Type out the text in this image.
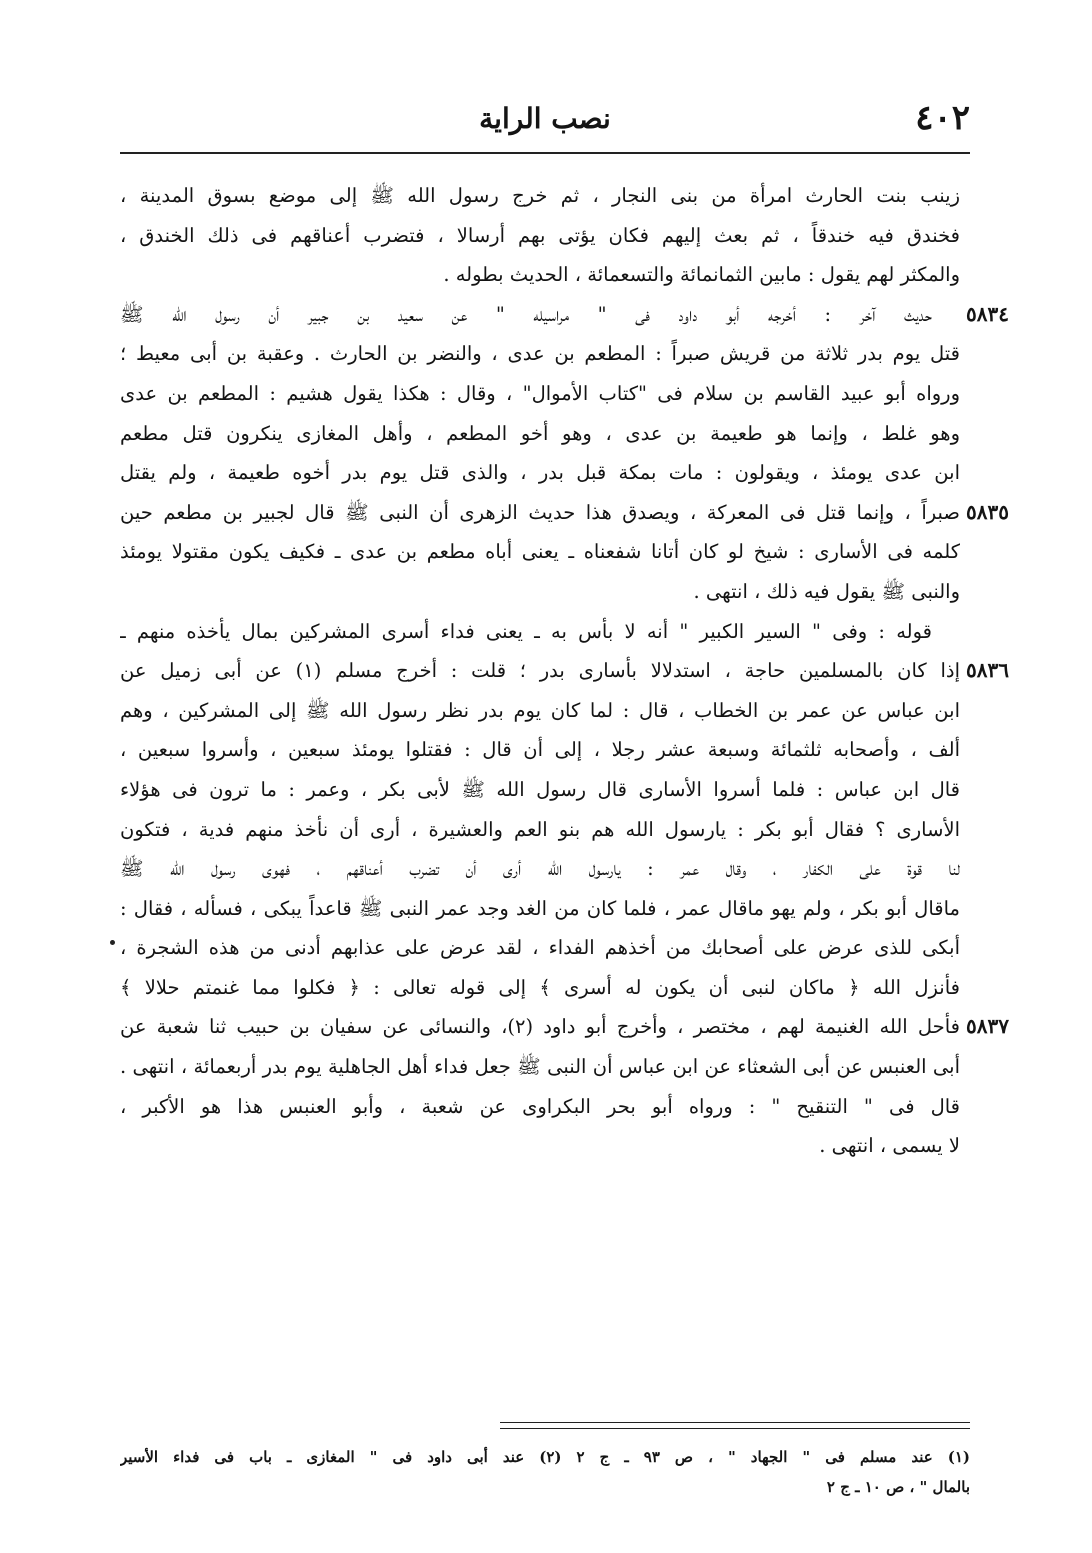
٤٠٢
نصب الراية
زينب بنت الحارث امرأة من بنى النجار ، ثم خرج رسول الله ﷺ إلى موضع بسوق المدينة ،
فخندق فيه خندقاً ، ثم بعث إليهم فكان يؤتى بهم أرسالا ، فتضرب أعناقهم فى ذلك الخندق ،
والمكثر لهم يقول : مابين الثمانمائة والتسعمائة ، الحديث بطوله .
٥٨٣٤
حديث آخر : أخرجه أبو داود فى " مراسيله " عن سعيد بن جبير أن رسول الله ﷺ
قتل يوم بدر ثلاثة من قريش صبراً : المطعم بن عدى ، والنضر بن الحارث . وعقبة بن أبى معيط ؛
ورواه أبو عبيد القاسم بن سلام فى "كتاب الأموال" ، وقال : هكذا يقول هشيم : المطعم بن عدى
وهو غلط ، وإنما هو طعيمة بن عدى ، وهو أخو المطعم ، وأهل المغازى ينكرون قتل مطعم
ابن عدى يومئذ ، ويقولون : مات بمكة قبل بدر ، والذى قتل يوم بدر أخوه طعيمة ، ولم يقتل
٥٨٣٥
صبراً ، وإنما قتل فى المعركة ، ويصدق هذا حديث الزهرى أن النبى ﷺ قال لجبير بن مطعم حين
كلمه فى الأسارى : شيخ لو كان أتانا شفعناه ـ يعنى أباه مطعم بن عدى ـ فكيف يكون مقتولا يومئذ
والنبى ﷺ يقول فيه ذلك ، انتهى .
قوله : وفى " السير الكبير " أنه لا بأس به ـ يعنى فداء أسرى المشركين بمال يأخذه منهم ـ
٥٨٣٦
إذا كان بالمسلمين حاجة ، استدلالا بأسارى بدر ؛ قلت : أخرج مسلم (١) عن أبى زميل عن
ابن عباس عن عمر بن الخطاب ، قال : لما كان يوم بدر نظر رسول الله ﷺ إلى المشركين ، وهم
ألف ، وأصحابه ثلثمائة وسبعة عشر رجلا ، إلى أن قال : فقتلوا يومئذ سبعين ، وأسروا سبعين ،
قال ابن عباس : فلما أسروا الأسارى قال رسول الله ﷺ لأبى بكر ، وعمر : ما ترون فى هؤلاء
الأسارى ؟ فقال أبو بكر : يارسول الله هم بنو العم والعشيرة ، أرى أن نأخذ منهم فدية ، فتكون
لنا قوة على الكفار ، وقال عمر : يارسول الله أرى أن تضرب أعناقهم ، فهوى رسول الله ﷺ
ماقال أبو بكر ، ولم يهو ماقال عمر ، فلما كان من الغد وجد عمر النبى ﷺ قاعداً يبكى ، فسأله ، فقال :
أبكى للذى عرض على أصحابك من أخذهم الفداء ، لقد عرض على عذابهم أدنى من هذه الشجرة ،
فأنزل الله ﴿ ماكان لنبى أن يكون له أسرى ﴾ إلى قوله تعالى : ﴿ فكلوا مما غنمتم حلالا ﴾
٥٨٣٧
فأحل الله الغنيمة لهم ، مختصر ، وأخرج أبو داود (٢)، والنسائى عن سفيان بن حبيب ثنا شعبة عن
أبى العنبس عن أبى الشعثاء عن ابن عباس أن النبى ﷺ جعل فداء أهل الجاهلية يوم بدر أربعمائة ، انتهى .
قال فى " التنقيح " : ورواه أبو بحر البكراوى عن شعبة ، وأبو العنبس هذا هو الأكبر ،
لا يسمى ، انتهى .
(١) عند مسلم فى " الجهاد " ، ص ٩٣ ـ ج ٢ (٢) عند أبى داود فى " المغازى ـ باب فى فداء الأسير
بالمال " ، ص ١٠ ـ ج ٢
